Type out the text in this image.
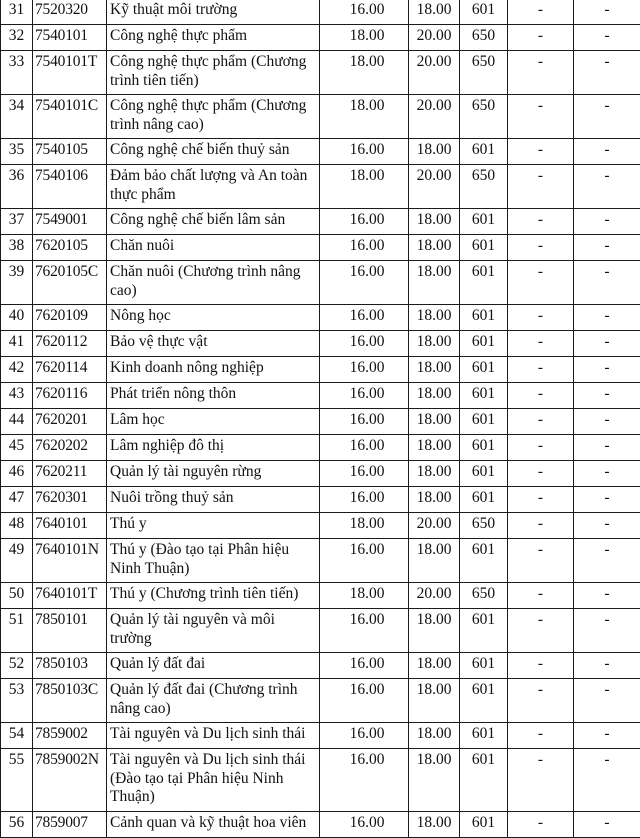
31	7520320	Kỹ thuật môi trường	16.00	18.00	601	-	-
32	7540101	Công nghệ thực phẩm	18.00	20.00	650	-	-
33	7540101T	Công nghệ thực phẩm (Chương trình tiên tiến)	18.00	20.00	650	-	-
34	7540101C	Công nghệ thực phẩm (Chương trình nâng cao)	18.00	20.00	650	-	-
35	7540105	Công nghệ chế biến thuỷ sản	16.00	18.00	601	-	-
36	7540106	Đảm bảo chất lượng và An toàn thực phẩm	18.00	20.00	650	-	-
37	7549001	Công nghệ chế biến lâm sản	16.00	18.00	601	-	-
38	7620105	Chăn nuôi	16.00	18.00	601	-	-
39	7620105C	Chăn nuôi (Chương trình nâng cao)	16.00	18.00	601	-	-
40	7620109	Nông học	16.00	18.00	601	-	-
41	7620112	Bảo vệ thực vật	16.00	18.00	601	-	-
42	7620114	Kinh doanh nông nghiệp	16.00	18.00	601	-	-
43	7620116	Phát triển nông thôn	16.00	18.00	601	-	-
44	7620201	Lâm học	16.00	18.00	601	-	-
45	7620202	Lâm nghiệp đô thị	16.00	18.00	601	-	-
46	7620211	Quản lý tài nguyên rừng	16.00	18.00	601	-	-
47	7620301	Nuôi trồng thuỷ sản	16.00	18.00	601	-	-
48	7640101	Thú y	18.00	20.00	650	-	-
49	7640101N	Thú y (Đào tạo tại Phân hiệu Ninh Thuận)	16.00	18.00	601	-	-
50	7640101T	Thú y (Chương trình tiên tiến)	18.00	20.00	650	-	-
51	7850101	Quản lý tài nguyên và môi trường	16.00	18.00	601	-	-
52	7850103	Quản lý đất đai	16.00	18.00	601	-	-
53	7850103C	Quản lý đất đai (Chương trình nâng cao)	16.00	18.00	601	-	-
54	7859002	Tài nguyên và Du lịch sinh thái	16.00	18.00	601	-	-
55	7859002N	Tài nguyên và Du lịch sinh thái (Đào tạo tại Phân hiệu Ninh Thuận)	16.00	18.00	601	-	-
56	7859007	Cảnh quan và kỹ thuật hoa viên	16.00	18.00	601	-	-
